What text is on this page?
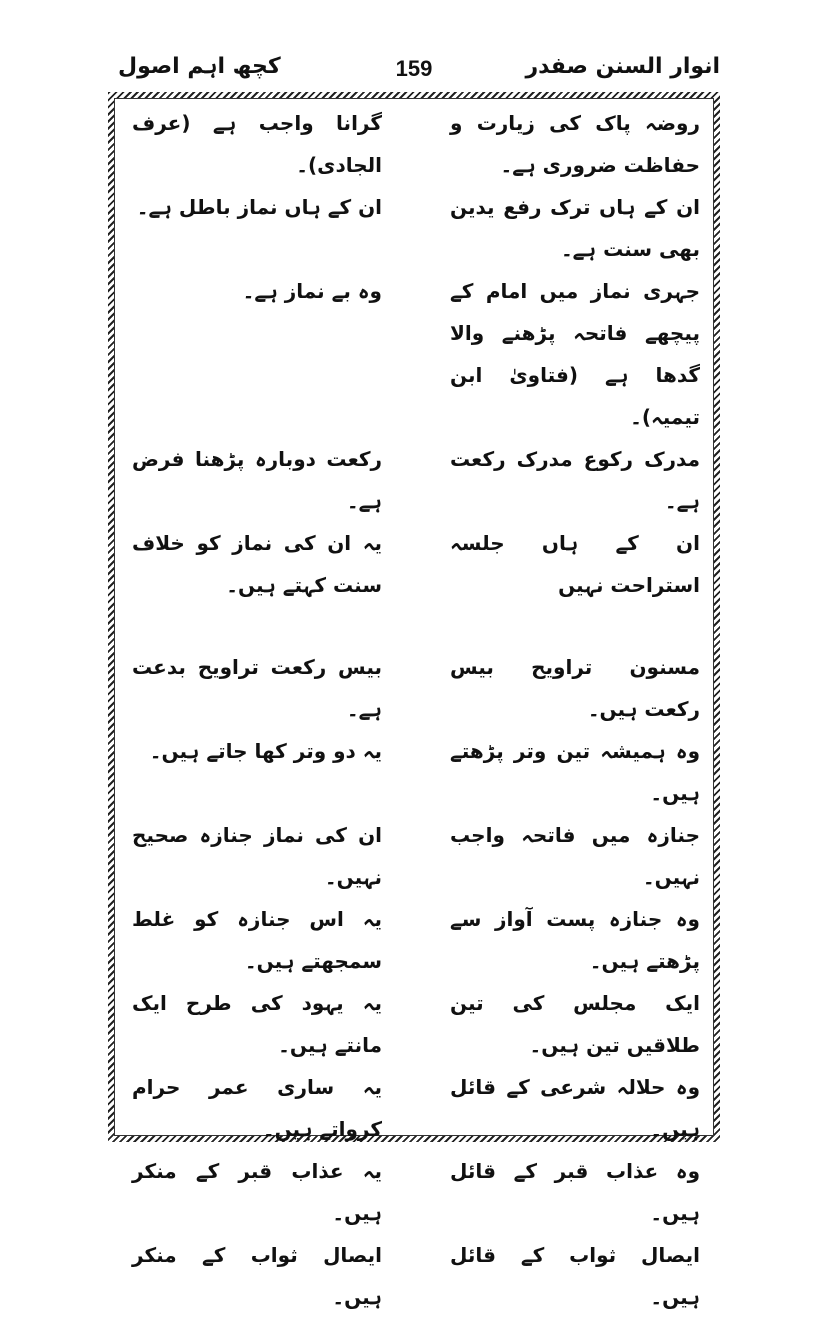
انوار السنن صفدر
159
کچھ اہم اصول
روضہ پاک کی زیارت و حفاظت ضروری ہے۔
گرانا واجب ہے (عرف الجادی)۔
ان کے ہاں ترک رفع یدین بھی سنت ہے۔
ان کے ہاں نماز باطل ہے۔
جہری نماز میں امام کے پیچھے فاتحہ پڑھنے والا گدھا ہے (فتاویٰ ابن تیمیہ)۔
وہ بے نماز ہے۔
مدرک رکوع مدرک رکعت ہے۔
رکعت دوبارہ پڑھنا فرض ہے۔
ان کے ہاں جلسہ استراحت نہیں
یہ ان کی نماز کو خلاف سنت کہتے ہیں۔
مسنون تراویح بیس رکعت ہیں۔
بیس رکعت تراویح بدعت ہے۔
وہ ہمیشہ تین وتر پڑھتے ہیں۔
یہ دو وتر کھا جاتے ہیں۔
جنازہ میں فاتحہ واجب نہیں۔
ان کی نماز جنازہ صحیح نہیں۔
وہ جنازہ پست آواز سے پڑھتے ہیں۔
یہ اس جنازہ کو غلط سمجھتے ہیں۔
ایک مجلس کی تین طلاقیں تین ہیں۔
یہ یہود کی طرح ایک مانتے ہیں۔
وہ حلالہ شرعی کے قائل ہیں۔
یہ ساری عمر حرام کرواتے ہیں۔
وہ عذاب قبر کے قائل ہیں۔
یہ عذاب قبر کے منکر ہیں۔
ایصال ثواب کے قائل ہیں۔
ایصال ثواب کے منکر ہیں۔
